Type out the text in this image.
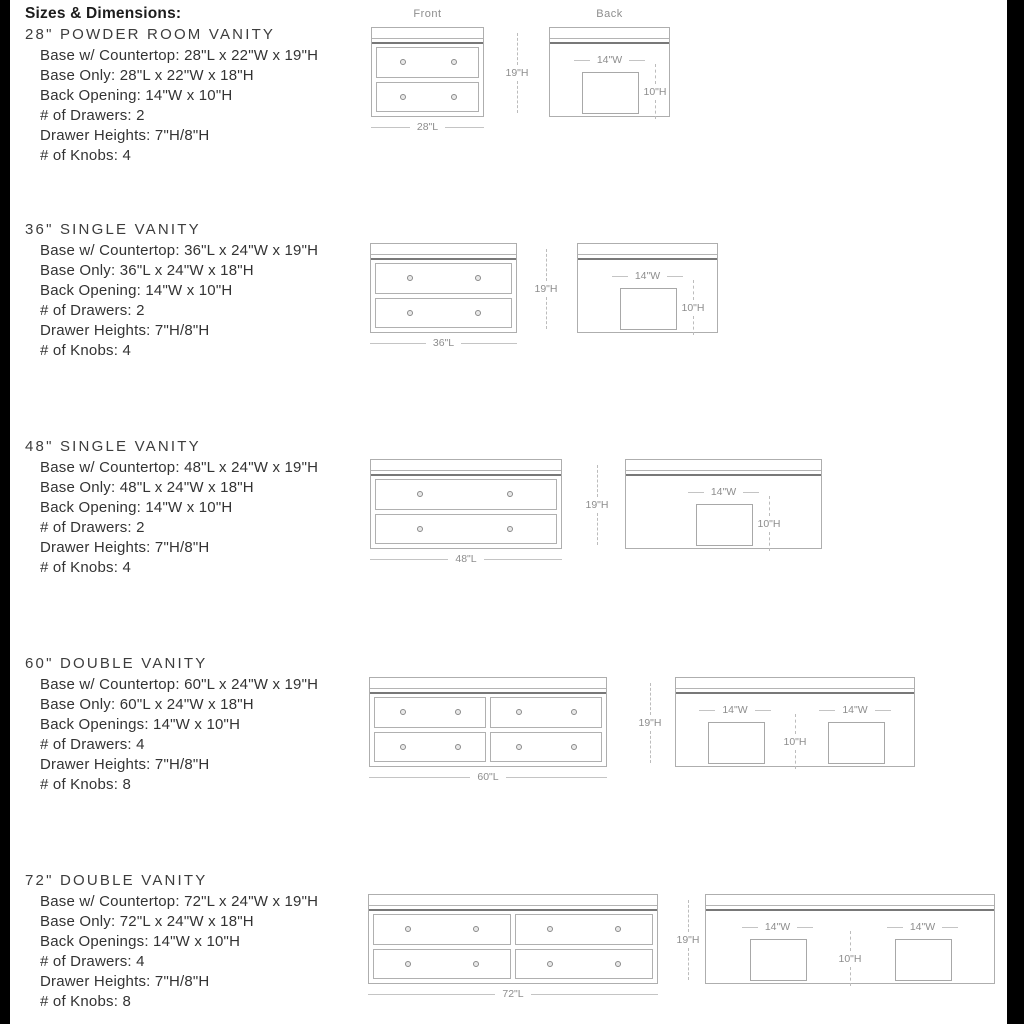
Sizes & Dimensions:
28" POWDER ROOM VANITY
Base w/ Countertop: 28"L x 22"W x 19"H
Base Only: 28"L x 22"W x 18"H
Back Opening: 14"W x 10"H
# of Drawers: 2
Drawer Heights: 7"H/8"H
# of Knobs: 4
Front	Back
19"H
28"L
14"W
10"H
36" SINGLE VANITY
Base w/ Countertop: 36"L x 24"W x 19"H
Base Only: 36"L x 24"W x 18"H
Back Opening: 14"W x 10"H
# of Drawers: 2
Drawer Heights: 7"H/8"H
# of Knobs: 4
19"H
36"L
14"W
10"H
48" SINGLE VANITY
Base w/ Countertop: 48"L x 24"W x 19"H
Base Only: 48"L x 24"W x 18"H
Back Opening: 14"W x 10"H
# of Drawers: 2
Drawer Heights: 7"H/8"H
# of Knobs: 4
19"H
48"L
14"W
10"H
60" DOUBLE VANITY
Base w/ Countertop: 60"L x 24"W x 19"H
Base Only: 60"L x 24"W x 18"H
Back Openings: 14"W x 10"H
# of Drawers: 4
Drawer Heights: 7"H/8"H
# of Knobs: 8
19"H
60"L
14"W	14"W
10"H
72" DOUBLE VANITY
Base w/ Countertop: 72"L x 24"W x 19"H
Base Only: 72"L x 24"W x 18"H
Back Openings: 14"W x 10"H
# of Drawers: 4
Drawer Heights: 7"H/8"H
# of Knobs: 8
19"H
72"L
14"W	14"W
10"H
